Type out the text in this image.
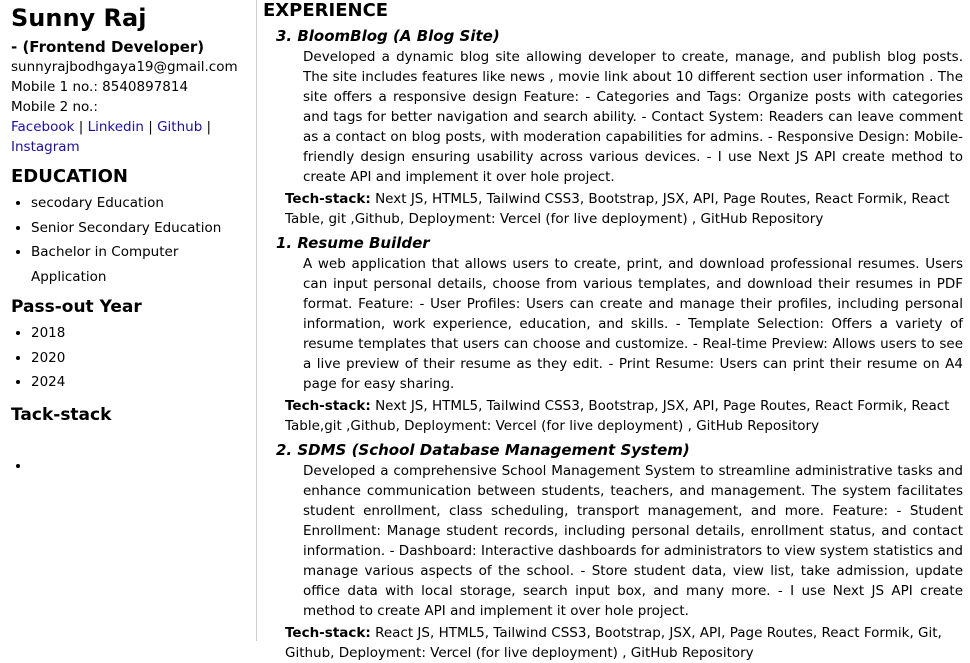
Sunny Raj
- (Frontend Developer)
sunnyrajbodhgaya19@gmail.com
Mobile 1 no.: 8540897814
Mobile 2 no.:
Facebook | Linkedin | Github | Instagram
EDUCATION
• secodary Education
• Senior Secondary Education
• Bachelor in Computer Application
Pass-out Year
• 2018
• 2020
• 2024
Tack-stack
•
EXPERIENCE
3. BloomBlog (A Blog Site)
Developed a dynamic blog site allowing developer to create, manage, and publish blog posts. The site includes features like news , movie link about 10 different section user information . The site offers a responsive design Feature: - Categories and Tags: Organize posts with categories and tags for better navigation and search ability. - Contact System: Readers can leave comment as a contact on blog posts, with moderation capabilities for admins. - Responsive Design: Mobile-friendly design ensuring usability across various devices. - I use Next JS API create method to create API and implement it over hole project.
Tech-stack: Next JS, HTML5, Tailwind CSS3, Bootstrap, JSX, API, Page Routes, React Formik, React Table, git ,Github, Deployment: Vercel (for live deployment) , GitHub Repository
1. Resume Builder
A web application that allows users to create, print, and download professional resumes. Users can input personal details, choose from various templates, and download their resumes in PDF format. Feature: - User Profiles: Users can create and manage their profiles, including personal information, work experience, education, and skills. - Template Selection: Offers a variety of resume templates that users can choose and customize. - Real-time Preview: Allows users to see a live preview of their resume as they edit. - Print Resume: Users can print their resume on A4 page for easy sharing.
Tech-stack: Next JS, HTML5, Tailwind CSS3, Bootstrap, JSX, API, Page Routes, React Formik, React Table,git ,Github, Deployment: Vercel (for live deployment) , GitHub Repository
2. SDMS (School Database Management System)
Developed a comprehensive School Management System to streamline administrative tasks and enhance communication between students, teachers, and management. The system facilitates student enrollment, class scheduling, transport management, and more. Feature: - Student Enrollment: Manage student records, including personal details, enrollment status, and contact information. - Dashboard: Interactive dashboards for administrators to view system statistics and manage various aspects of the school. - Store student data, view list, take admission, update office data with local storage, search input box, and many more. - I use Next JS API create method to create API and implement it over hole project.
Tech-stack: React JS, HTML5, Tailwind CSS3, Bootstrap, JSX, API, Page Routes, React Formik, Git, Github, Deployment: Vercel (for live deployment) , GitHub Repository
